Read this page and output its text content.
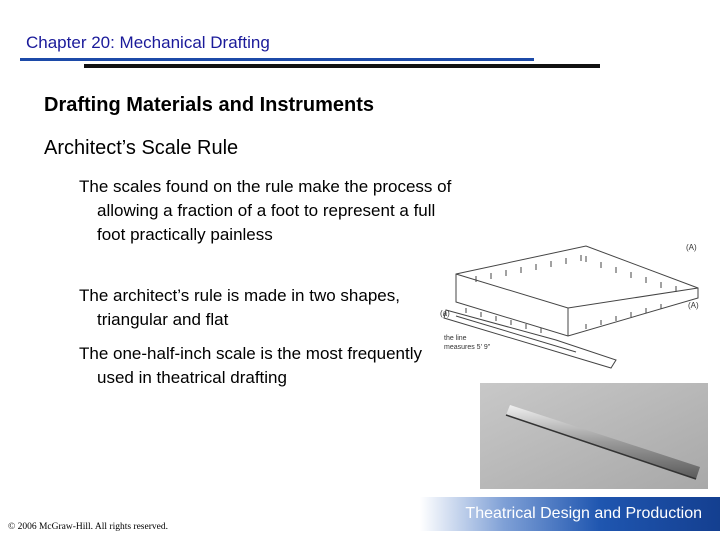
Chapter 20: Mechanical Drafting
Drafting Materials and Instruments
Architect’s Scale Rule
The scales found on the rule make the process of allowing a fraction of a foot to represent a full foot practically painless
The architect’s rule is made in two shapes, triangular and flat
The one-half-inch scale is the most frequently used in theatrical drafting
(A)
(A)
(a)
the line
measures 5' 9"
Theatrical Design and Production
© 2006 McGraw-Hill. All rights reserved.
